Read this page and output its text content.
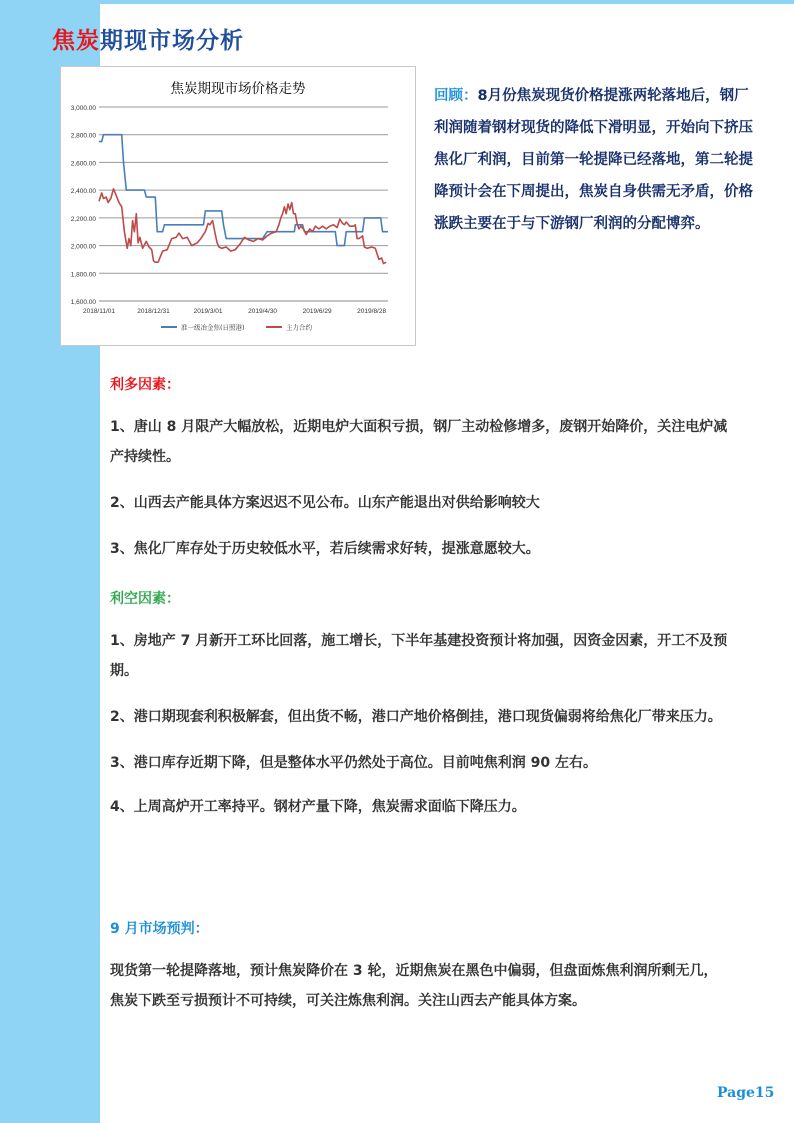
焦炭期现市场分析
焦炭期现市场价格走势
3,000.00
2,800.00
2,600.00
2,400.00
2,200.00
2,000.00
1,800.00
1,600.00
2018/11/01	2018/12/31	2019/3/01	2019/4/30	2019/6/29	2019/8/28
准一级冶金焦(日照港)	主力合约
回顾：8月份焦炭现货价格提涨两轮落地后，钢厂利润随着钢材现货的降低下滑明显，开始向下挤压焦化厂利润，目前第一轮提降已经落地，第二轮提降预计会在下周提出，焦炭自身供需无矛盾，价格涨跌主要在于与下游钢厂利润的分配博弈。
利多因素：
1、唐山 8 月限产大幅放松，近期电炉大面积亏损，钢厂主动检修增多，废钢开始降价，关注电炉减产持续性。
2、山西去产能具体方案迟迟不见公布。山东产能退出对供给影响较大
3、焦化厂库存处于历史较低水平，若后续需求好转，提涨意愿较大。
利空因素：
1、房地产 7 月新开工环比回落，施工增长，下半年基建投资预计将加强，因资金因素，开工不及预期。
2、港口期现套利积极解套，但出货不畅，港口产地价格倒挂，港口现货偏弱将给焦化厂带来压力。
3、港口库存近期下降，但是整体水平仍然处于高位。目前吨焦利润 90 左右。
4、上周高炉开工率持平。钢材产量下降，焦炭需求面临下降压力。
9 月市场预判：
现货第一轮提降落地，预计焦炭降价在 3 轮，近期焦炭在黑色中偏弱，但盘面炼焦利润所剩无几，焦炭下跌至亏损预计不可持续，可关注炼焦利润。关注山西去产能具体方案。
Page15
